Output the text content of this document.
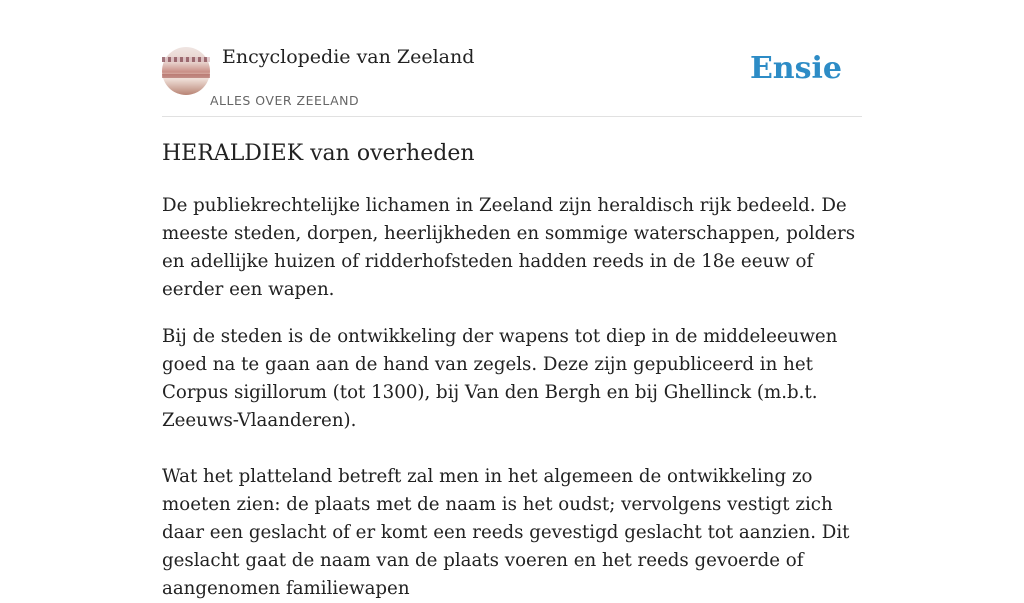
Encyclopedie van Zeeland
ALLES OVER ZEELAND
Ensie
HERALDIEK van overheden

De publiekrechtelijke lichamen in Zeeland zijn heraldisch rijk bedeeld. De meeste steden, dorpen, heerlijkheden en sommige waterschappen, polders en adellijke huizen of ridderhofsteden hadden reeds in de 18e eeuw of eerder een wapen.

Bij de steden is de ontwikkeling der wapens tot diep in de middeleeuwen goed na te gaan aan de hand van zegels. Deze zijn gepubliceerd in het Corpus sigillorum (tot 1300), bij Van den Bergh en bij Ghellinck (m.b.t. Zeeuws-Vlaanderen).

Wat het platteland betreft zal men in het algemeen de ontwikkeling zo moeten zien: de plaats met de naam is het oudst; vervolgens vestigt zich daar een geslacht of er komt een reeds gevestigd geslacht tot aanzien. Dit geslacht gaat de naam van de plaats voeren en het reeds gevoerde of aangenomen familiewapen
